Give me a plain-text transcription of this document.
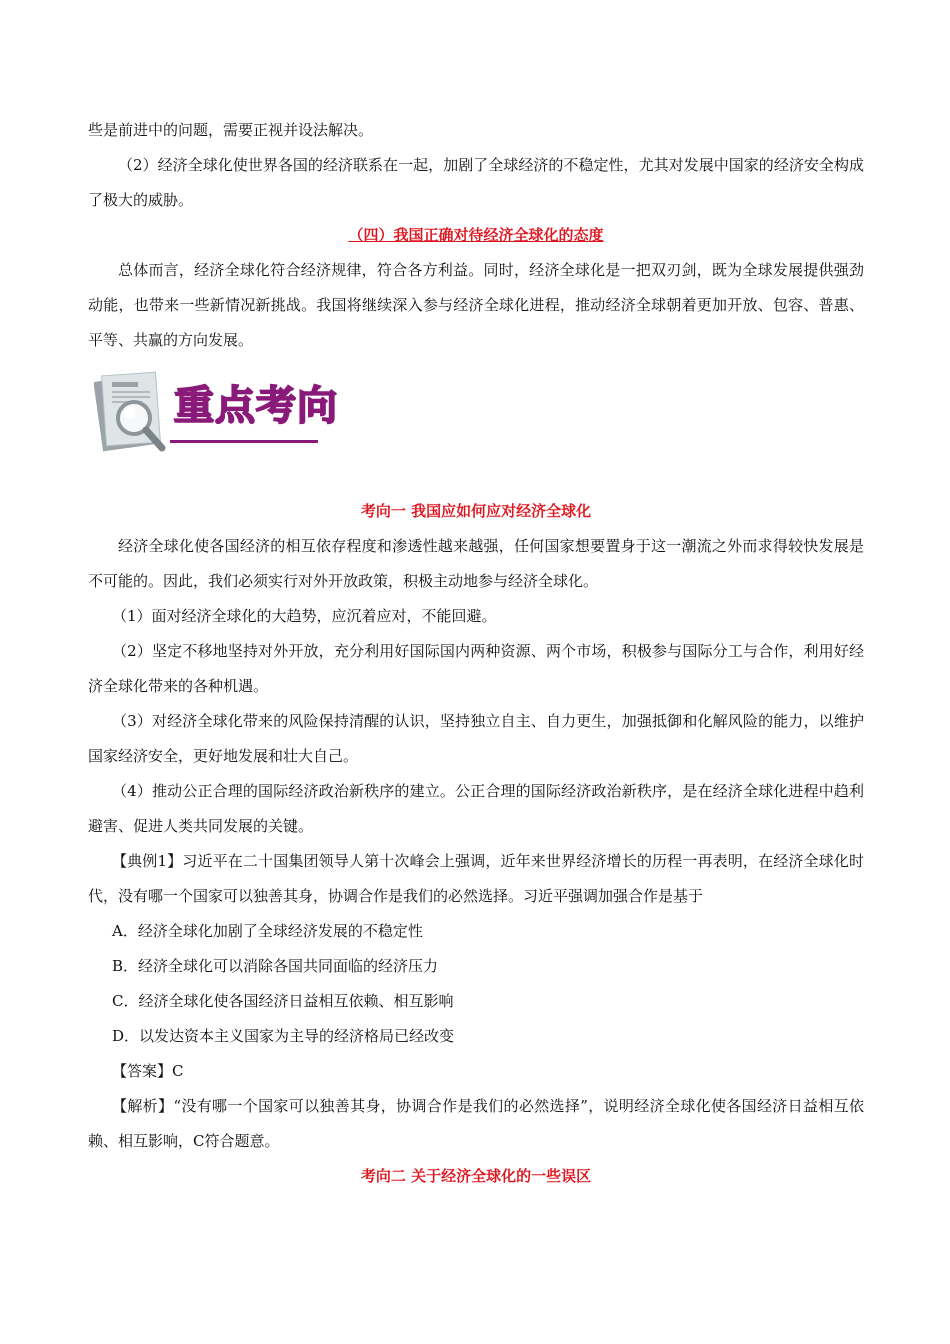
些是前进中的问题，需要正视并设法解决。

（2）经济全球化使世界各国的经济联系在一起，加剧了全球经济的不稳定性，尤其对发展中国家的经济安全构成了极大的威胁。

（四）我国正确对待经济全球化的态度

总体而言，经济全球化符合经济规律，符合各方利益。同时，经济全球化是一把双刃剑，既为全球发展提供强劲动能，也带来一些新情况新挑战。我国将继续深入参与经济全球化进程，推动经济全球朝着更加开放、包容、普惠、平等、共赢的方向发展。

重点考向

考向一 我国应如何应对经济全球化

经济全球化使各国经济的相互依存程度和渗透性越来越强，任何国家想要置身于这一潮流之外而求得较快发展是不可能的。因此，我们必须实行对外开放政策，积极主动地参与经济全球化。

（1）面对经济全球化的大趋势，应沉着应对，不能回避。

（2）坚定不移地坚持对外开放，充分利用好国际国内两种资源、两个市场，积极参与国际分工与合作，利用好经济全球化带来的各种机遇。

（3）对经济全球化带来的风险保持清醒的认识，坚持独立自主、自力更生，加强抵御和化解风险的能力，以维护国家经济安全，更好地发展和壮大自己。

（4）推动公正合理的国际经济政治新秩序的建立。公正合理的国际经济政治新秩序，是在经济全球化进程中趋利避害、促进人类共同发展的关键。

【典例1】习近平在二十国集团领导人第十次峰会上强调，近年来世界经济增长的历程一再表明，在经济全球化时代，没有哪一个国家可以独善其身，协调合作是我们的必然选择。习近平强调加强合作是基于

A．经济全球化加剧了全球经济发展的不稳定性

B．经济全球化可以消除各国共同面临的经济压力

C．经济全球化使各国经济日益相互依赖、相互影响

D．以发达资本主义国家为主导的经济格局已经改变

【答案】C

【解析】“没有哪一个国家可以独善其身，协调合作是我们的必然选择”，说明经济全球化使各国经济日益相互依赖、相互影响，C符合题意。

考向二 关于经济全球化的一些误区
